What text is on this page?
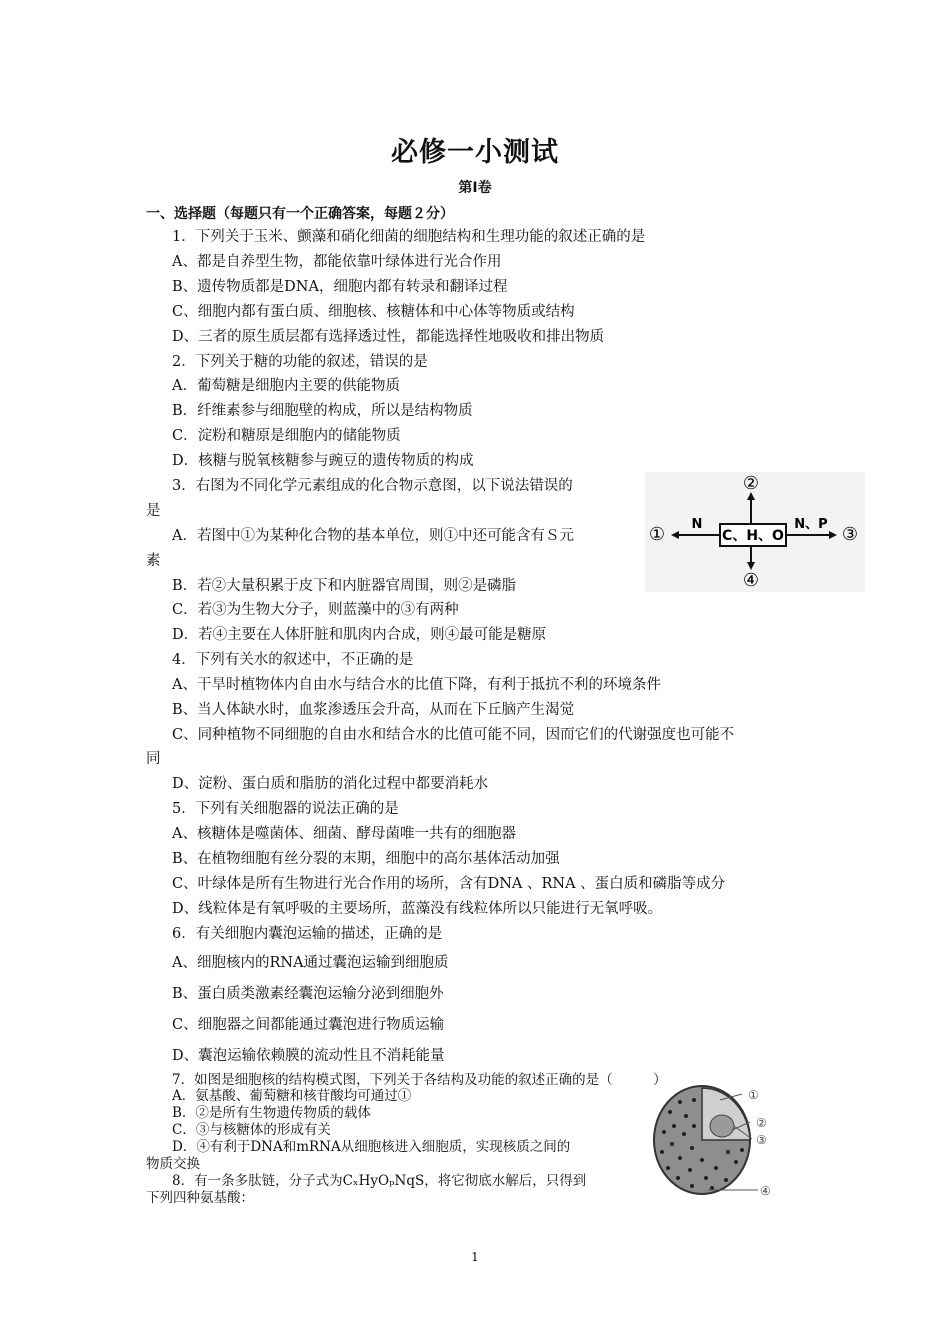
必修一小测试
第I卷
一、选择题（每题只有一个正确答案，每题２分）
1．下列关于玉米、颤藻和硝化细菌的细胞结构和生理功能的叙述正确的是
A、都是自养型生物，都能依靠叶绿体进行光合作用
B、遗传物质都是DNA，细胞内都有转录和翻译过程
C、细胞内都有蛋白质、细胞核、核糖体和中心体等物质或结构
D、三者的原生质层都有选择透过性，都能选择性地吸收和排出物质
2．下列关于糖的功能的叙述，错误的是
A．葡萄糖是细胞内主要的供能物质
B．纤维素参与细胞壁的构成，所以是结构物质
C．淀粉和糖原是细胞内的储能物质
D．核糖与脱氧核糖参与豌豆的遗传物质的构成
3．右图为不同化学元素组成的化合物示意图，以下说法错误的
是
A．若图中①为某种化合物的基本单位，则①中还可能含有Ｓ元
素
B．若②大量积累于皮下和内脏器官周围，则②是磷脂
C．若③为生物大分子，则蓝藻中的③有两种
D．若④主要在人体肝脏和肌肉内合成，则④最可能是糖原
4．下列有关水的叙述中，不正确的是
A、干旱时植物体内自由水与结合水的比值下降，有利于抵抗不利的环境条件
B、当人体缺水时，血浆渗透压会升高，从而在下丘脑产生渴觉
C、同种植物不同细胞的自由水和结合水的比值可能不同，因而它们的代谢强度也可能不
同
D、淀粉、蛋白质和脂肪的消化过程中都要消耗水
5．下列有关细胞器的说法正确的是
A、核糖体是噬菌体、细菌、酵母菌唯一共有的细胞器
B、在植物细胞有丝分裂的末期，细胞中的高尔基体活动加强
C、叶绿体是所有生物进行光合作用的场所，含有DNA 、RNA 、蛋白质和磷脂等成分
D、线粒体是有氧呼吸的主要场所，蓝藻没有线粒体所以只能进行无氧呼吸。
6．有关细胞内囊泡运输的描述，正确的是
A、细胞核内的RNA通过囊泡运输到细胞质
B、蛋白质类激素经囊泡运输分泌到细胞外
C、细胞器之间都能通过囊泡进行物质运输
D、囊泡运输依赖膜的流动性且不消耗能量
7．如图是细胞核的结构模式图，下列关于各结构及功能的叙述正确的是（　　　）
A．氨基酸、葡萄糖和核苷酸均可通过①
B．②是所有生物遗传物质的载体
C．③与核糖体的形成有关
D．④有利于DNA和mRNA从细胞核进入细胞质，实现核质之间的
物质交换
8．有一条多肽链，分子式为CₓHyOₚNqS，将它彻底水解后，只得到
下列四种氨基酸：
C、H、O
N	N、P
①
②
③
④
①
②
③
④
1
